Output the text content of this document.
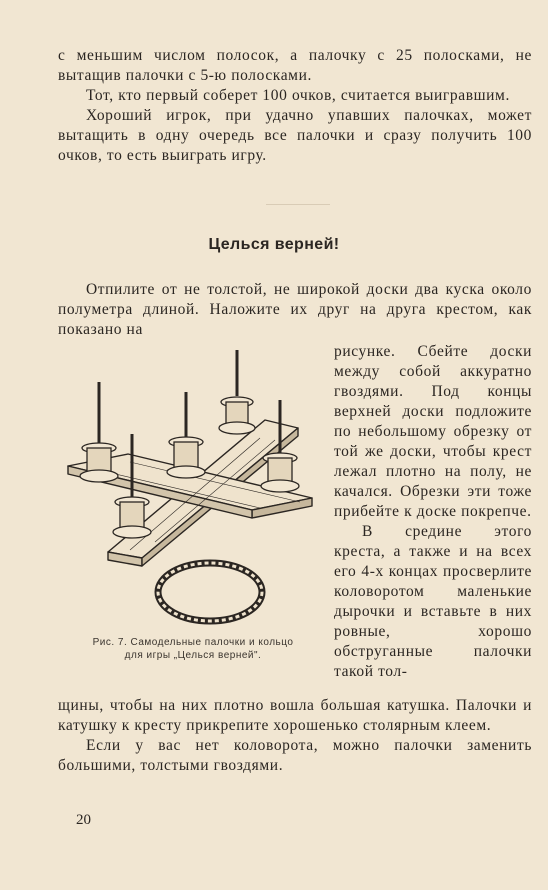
с меньшим числом полосок, а палочку с 25 полосками, не вытащив палочки с 5-ю полосками.

Тот, кто первый соберет 100 очков, считается выигравшим.

Хороший игрок, при удачно упавших палочках, может вытащить в одну очередь все палочки и сразу получить 100 очков, то есть выиграть игру.

Целься верней!

Отпилите от не толстой, не широкой доски два куска около полуметра длиной. Наложите их друг на друга крестом, как показано на

Рис. 7. Самодельные палочки и кольцо
для игры „Целься верней".

рисунке. Сбейте доски между собой аккуратно гвоздями. Под концы верхней доски подложите по небольшому обрезку от той же доски, чтобы крест лежал плотно на полу, не качался. Обрезки эти тоже прибейте к доске покрепче.

В средине этого креста, а также и на всех его 4-х концах просверлите коловоротом маленькие дырочки и вставьте в них ровные, хорошо обструганные палочки такой тол-

щины, чтобы на них плотно вошла большая катушка. Палочки и катушку к кресту прикрепите хорошенько столярным клеем.

Если у вас нет коловорота, можно палочки заменить большими, толстыми гвоздями.

20
